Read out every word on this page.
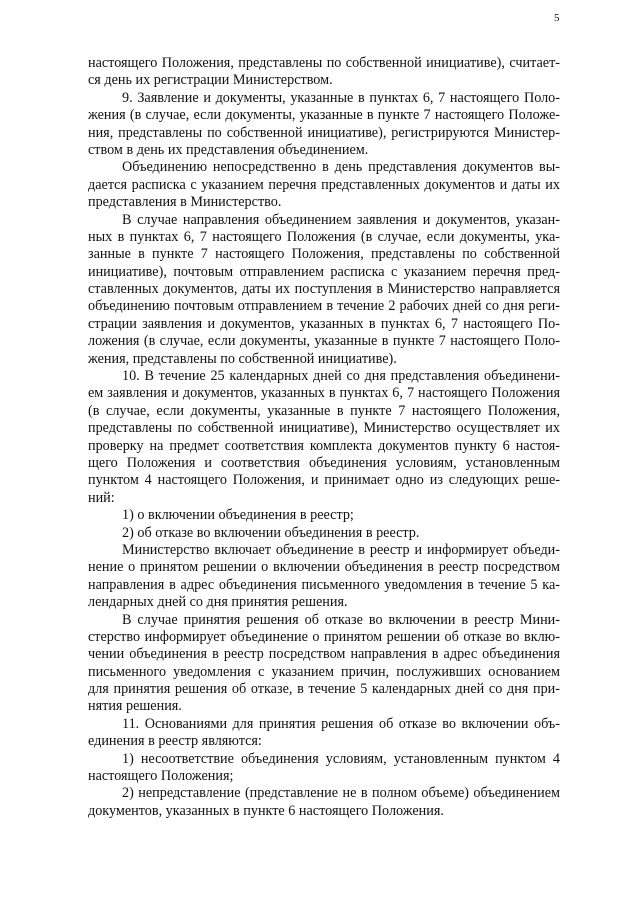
5
настоящего Положения, представлены по собственной инициативе), считает-
ся день их регистрации Министерством.
9. Заявление и документы, указанные в пунктах 6, 7 настоящего Поло-
жения (в случае, если документы, указанные в пункте 7 настоящего Положе-
ния, представлены по собственной инициативе), регистрируются Министер-
ством в день их представления объединением.
Объединению непосредственно в день представления документов вы-
дается расписка с указанием перечня представленных документов и даты их
представления в Министерство.
В случае направления объединением заявления и документов, указан-
ных в пунктах 6, 7 настоящего Положения (в случае, если документы, ука-
занные в пункте 7 настоящего Положения, представлены по собственной
инициативе), почтовым отправлением расписка с указанием перечня пред-
ставленных документов, даты их поступления в Министерство направляется
объединению почтовым отправлением в течение 2 рабочих дней со дня реги-
страции заявления и документов, указанных в пунктах 6, 7 настоящего По-
ложения (в случае, если документы, указанные в пункте 7 настоящего Поло-
жения, представлены по собственной инициативе).
10. В течение 25 календарных дней со дня представления объединени-
ем заявления и документов, указанных в пунктах 6, 7 настоящего Положения
(в случае, если документы, указанные в пункте 7 настоящего Положения,
представлены по собственной инициативе), Министерство осуществляет их
проверку на предмет соответствия комплекта документов пункту 6 настоя-
щего Положения и соответствия объединения условиям, установленным
пунктом 4 настоящего Положения, и принимает одно из следующих реше-
ний:
1) о включении объединения в реестр;
2) об отказе во включении объединения в реестр.
Министерство включает объединение в реестр и информирует объеди-
нение о принятом решении о включении объединения в реестр посредством
направления в адрес объединения письменного уведомления в течение 5 ка-
лендарных дней со дня принятия решения.
В случае принятия решения об отказе во включении в реестр Мини-
стерство информирует объединение о принятом решении об отказе во вклю-
чении объединения в реестр посредством направления в адрес объединения
письменного уведомления с указанием причин, послуживших основанием
для принятия решения об отказе, в течение 5 календарных дней со дня при-
нятия решения.
11. Основаниями для принятия решения об отказе во включении объ-
единения в реестр являются:
1) несоответствие объединения условиям, установленным пунктом 4
настоящего Положения;
2) непредставление (представление не в полном объеме) объединением
документов, указанных в пункте 6 настоящего Положения.
